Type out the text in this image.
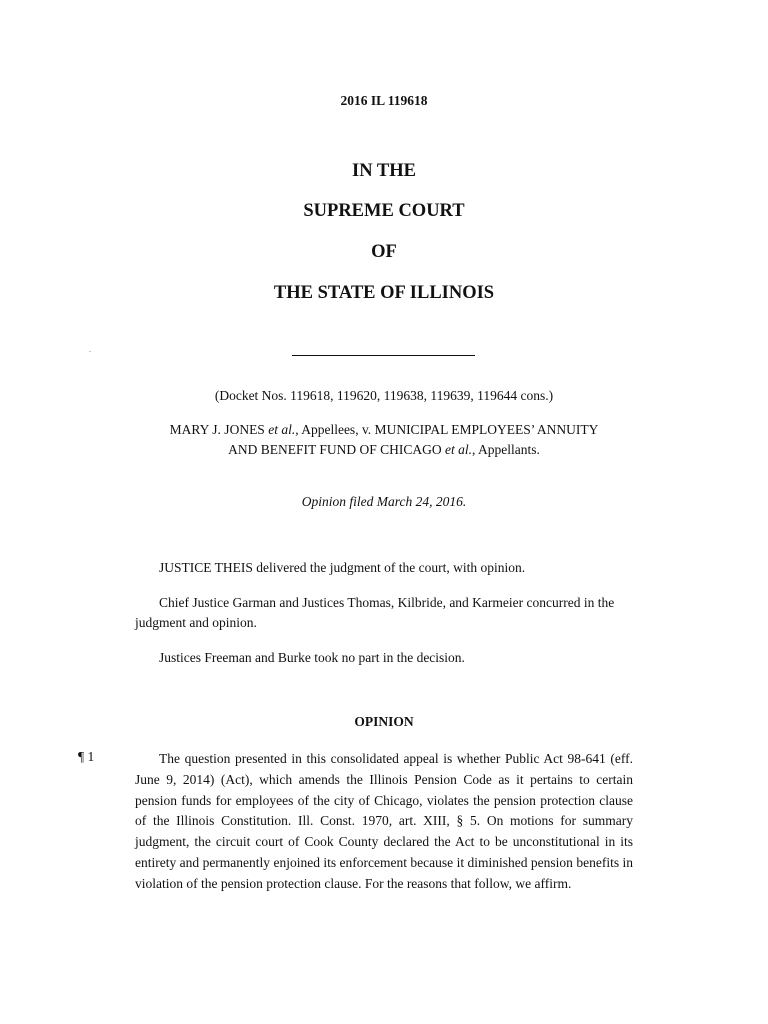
2016 IL 119618
IN THE
SUPREME COURT
OF
THE STATE OF ILLINOIS
.
(Docket Nos. 119618, 119620, 119638, 119639, 119644 cons.)
MARY J. JONES et al., Appellees, v. MUNICIPAL EMPLOYEES’ ANNUITY
AND BENEFIT FUND OF CHICAGO et al., Appellants.
Opinion filed March 24, 2016.
JUSTICE THEIS delivered the judgment of the court, with opinion.
Chief Justice Garman and Justices Thomas, Kilbride, and Karmeier concurred in the judgment and opinion.
Justices Freeman and Burke took no part in the decision.
OPINION
¶ 1	The question presented in this consolidated appeal is whether Public Act 98-641 (eff. June 9, 2014) (Act), which amends the Illinois Pension Code as it pertains to certain pension funds for employees of the city of Chicago, violates the pension protection clause of the Illinois Constitution. Ill. Const. 1970, art. XIII, § 5. On motions for summary judgment, the circuit court of Cook County declared the Act to be unconstitutional in its entirety and permanently enjoined its enforcement because it diminished pension benefits in violation of the pension protection clause. For the reasons that follow, we affirm.
